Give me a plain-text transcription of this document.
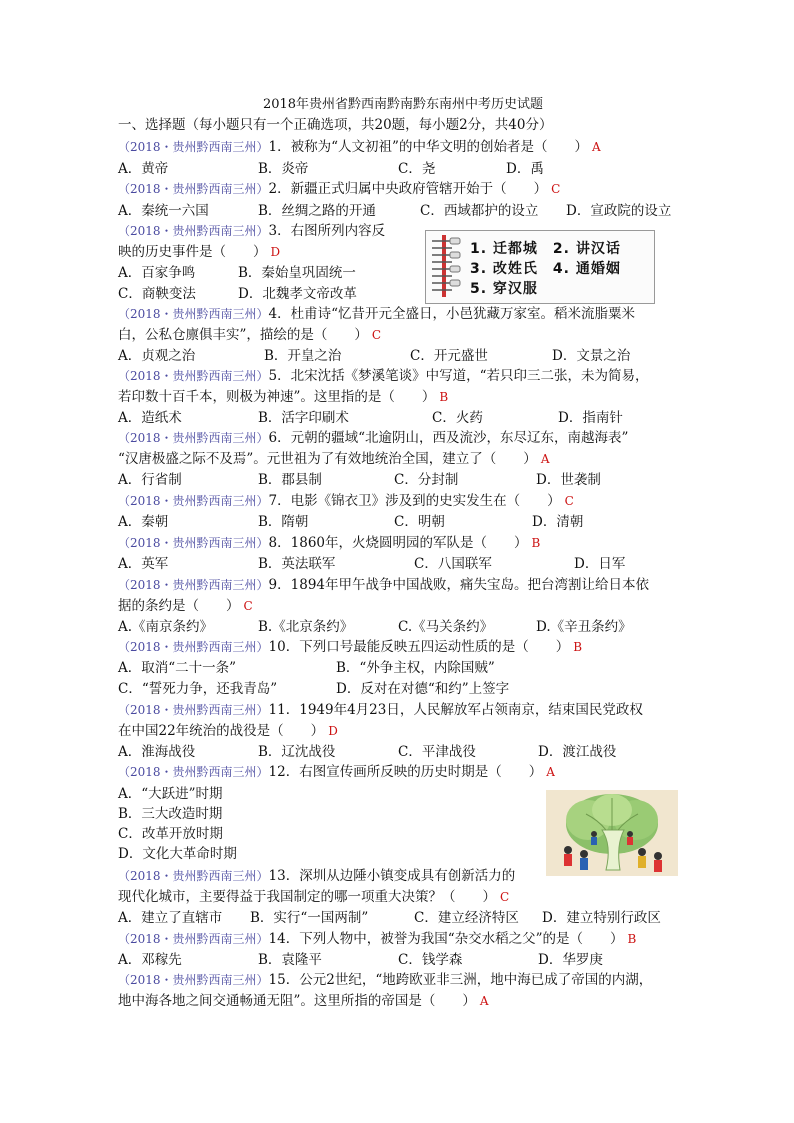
2018年贵州省黔西南黔南黔东南州中考历史试题
一、选择题（每小题只有一个正确选项，共20题，每小题2分，共40分）
（2018・贵州黔西南三州）1．被称为“人文初祖”的中华文明的创始者是（　　） A
A．黄帝	B．炎帝	C．尧	D．禹
（2018・贵州黔西南三州）2．新疆正式归属中央政府管辖开始于（　　） C
A．秦统一六国	B．丝绸之路的开通	C．西域都护的设立 D．宣政院的设立
（2018・贵州黔西南三州）3．右图所列内容反
映的历史事件是（　　） D
A．百家争鸣	B．秦始皇巩固统一
C．商鞅变法	D．北魏孝文帝改革
1. 迁都城　2. 讲汉话
3. 改姓氏　4. 通婚姻
5. 穿汉服
（2018・贵州黔西南三州）4．杜甫诗“忆昔开元全盛日，小邑犹藏万家室。稻米流脂粟米
白，公私仓廪俱丰实”，描绘的是（　　） C
A．贞观之治	B．开皇之治	C．开元盛世	D．文景之治
（2018・贵州黔西南三州）5．北宋沈括《梦溪笔谈》中写道，“若只印三二张，未为简易，
若印数十百千本，则极为神速”。这里指的是（　　） B
A．造纸术	B．活字印刷术	C．火药	D．指南针
（2018・贵州黔西南三州）6．元朝的疆域“北逾阴山，西及流沙，东尽辽东，南越海表”
“汉唐极盛之际不及焉”。元世祖为了有效地统治全国，建立了（　　） A
A．行省制	B．郡县制	C．分封制	D．世袭制
（2018・贵州黔西南三州）7．电影《锦衣卫》涉及到的史实发生在（　　） C
A．秦朝	B．隋朝	C．明朝	D．清朝
（2018・贵州黔西南三州）8．1860年，火烧圆明园的军队是（　　） B
A．英军	B．英法联军	C．八国联军	D．日军
（2018・贵州黔西南三州）9．1894年甲午战争中国战败，痛失宝岛。把台湾割让给日本依
据的条约是（　　） C
A.《南京条约》	B.《北京条约》	C.《马关条约》	D.《辛丑条约》
（2018・贵州黔西南三州）10．下列口号最能反映五四运动性质的是（　　） B
A．取消“二十一条”	B．“外争主权，内除国贼”
C．“誓死力争，还我青岛”	D．反对在对德“和约”上签字
（2018・贵州黔西南三州）11．1949年4月23日，人民解放军占领南京，结束国民党政权
在中国22年统治的战役是（　　） D
A．淮海战役	B．辽沈战役	C．平津战役	D．渡江战役
（2018・贵州黔西南三州）12．右图宣传画所反映的历史时期是（　　） A
A．“大跃进”时期
B．三大改造时期
C．改革开放时期
D．文化大革命时期
（2018・贵州黔西南三州）13．深圳从边陲小镇变成具有创新活力的
现代化城市，主要得益于我国制定的哪一项重大决策？（　　） C
A．建立了直辖市 B．实行“一国两制”	C．建立经济特区 D．建立特别行政区
（2018・贵州黔西南三州）14．下列人物中，被誉为我国“杂交水稻之父”的是（　　） B
A．邓稼先	B．袁隆平	C．钱学森	D．华罗庚
（2018・贵州黔西南三州）15．公元2世纪，“地跨欧亚非三洲，地中海已成了帝国的内湖，
地中海各地之间交通畅通无阻”。这里所指的帝国是（　　） A
